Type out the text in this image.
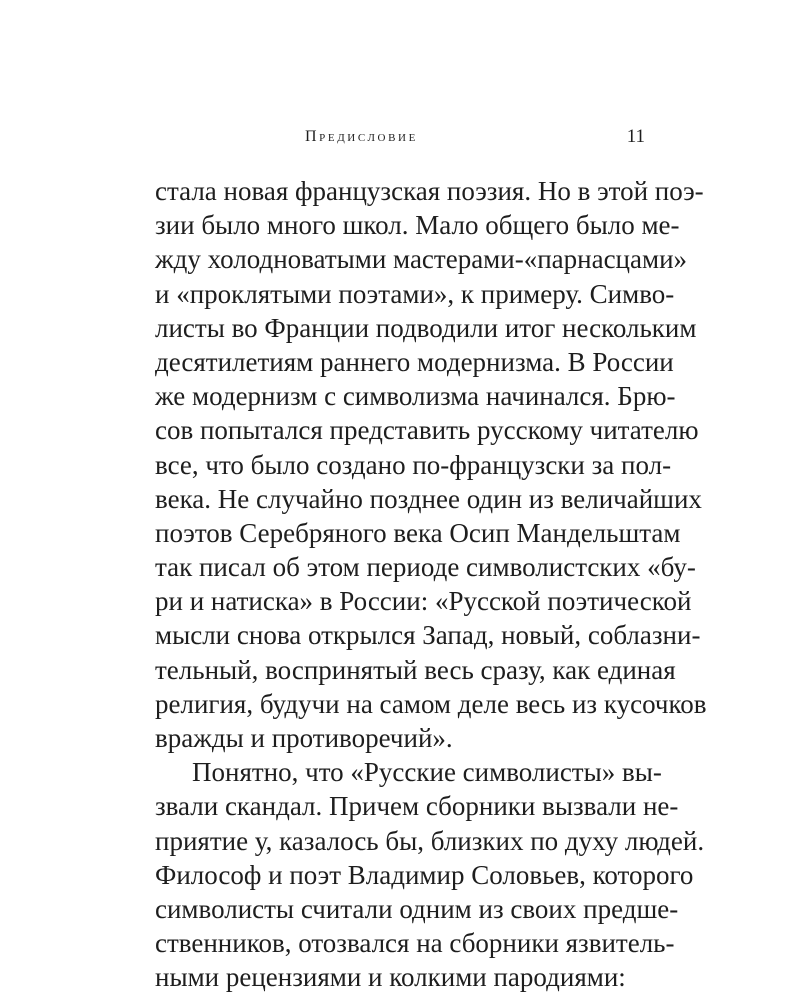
Предисловие	11
стала новая французская поэзия. Но в этой поэ-
зии было много школ. Мало общего было ме-
жду холодноватыми мастерами-«парнасцами»
и «проклятыми поэтами», к примеру. Симво-
листы во Франции подводили итог нескольким
десятилетиям раннего модернизма. В России
же модернизм с символизма начинался. Брю-
сов попытался представить русскому читателю
все, что было создано по-французски за пол-
века. Не случайно позднее один из величайших
поэтов Серебряного века Осип Мандельштам
так писал об этом периоде символистских «бу-
ри и натиска» в России: «Русской поэтической
мысли снова открылся Запад, новый, соблазни-
тельный, воспринятый весь сразу, как единая
религия, будучи на самом деле весь из кусочков
вражды и противоречий».
Понятно, что «Русские символисты» вы-
звали скандал. Причем сборники вызвали не-
приятие у, казалось бы, близких по духу людей.
Философ и поэт Владимир Соловьев, которого
символисты считали одним из своих предше-
ственников, отозвался на сборники язвитель-
ными рецензиями и колкими пародиями:
